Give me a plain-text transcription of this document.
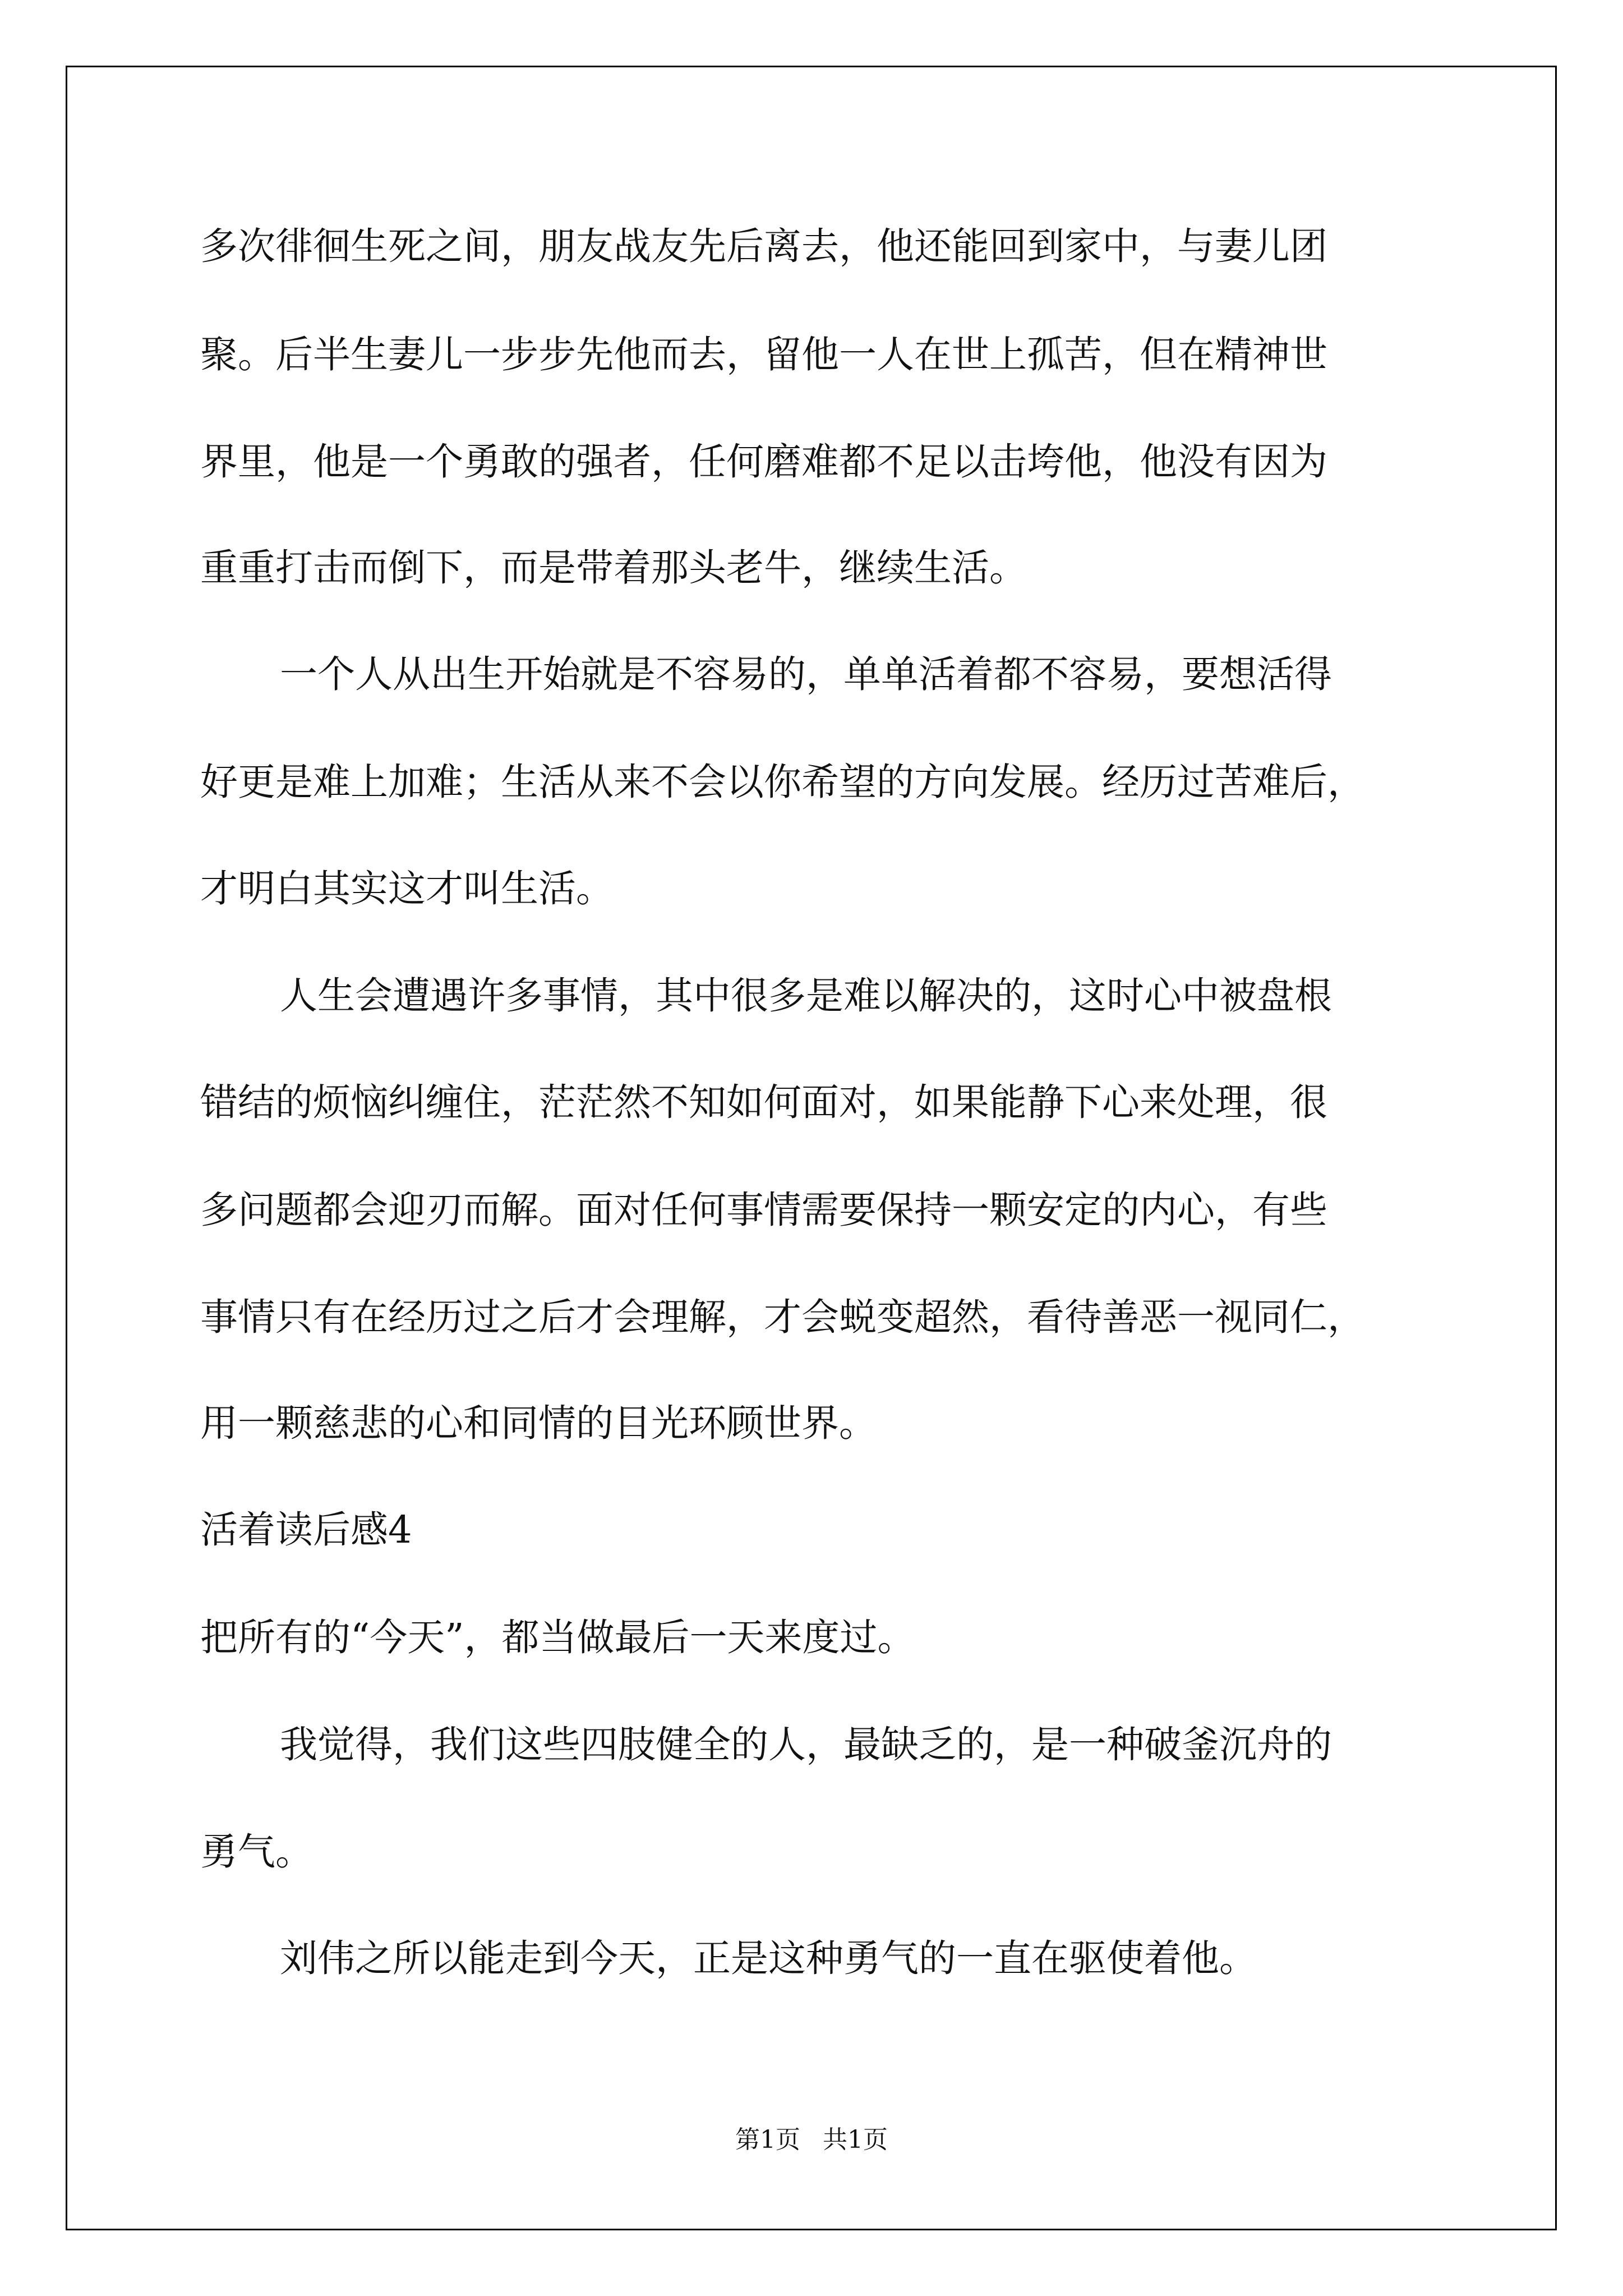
多次徘徊生死之间，朋友战友先后离去，他还能回到家中，与妻儿团
聚。后半生妻儿一步步先他而去，留他一人在世上孤苦，但在精神世
界里，他是一个勇敢的强者，任何磨难都不足以击垮他，他没有因为
重重打击而倒下，而是带着那头老牛，继续生活。
一个人从出生开始就是不容易的，单单活着都不容易，要想活得
好更是难上加难；生活从来不会以你希望的方向发展。经历过苦难后，
才明白其实这才叫生活。
人生会遭遇许多事情，其中很多是难以解决的，这时心中被盘根
错结的烦恼纠缠住，茫茫然不知如何面对，如果能静下心来处理，很
多问题都会迎刃而解。面对任何事情需要保持一颗安定的内心，有些
事情只有在经历过之后才会理解，才会蜕变超然，看待善恶一视同仁，
用一颗慈悲的心和同情的目光环顾世界。
活着读后感4
把所有的“今天”，都当做最后一天来度过。
我觉得，我们这些四肢健全的人，最缺乏的，是一种破釜沉舟的
勇气。
刘伟之所以能走到今天，正是这种勇气的一直在驱使着他。
第1页 共1页
